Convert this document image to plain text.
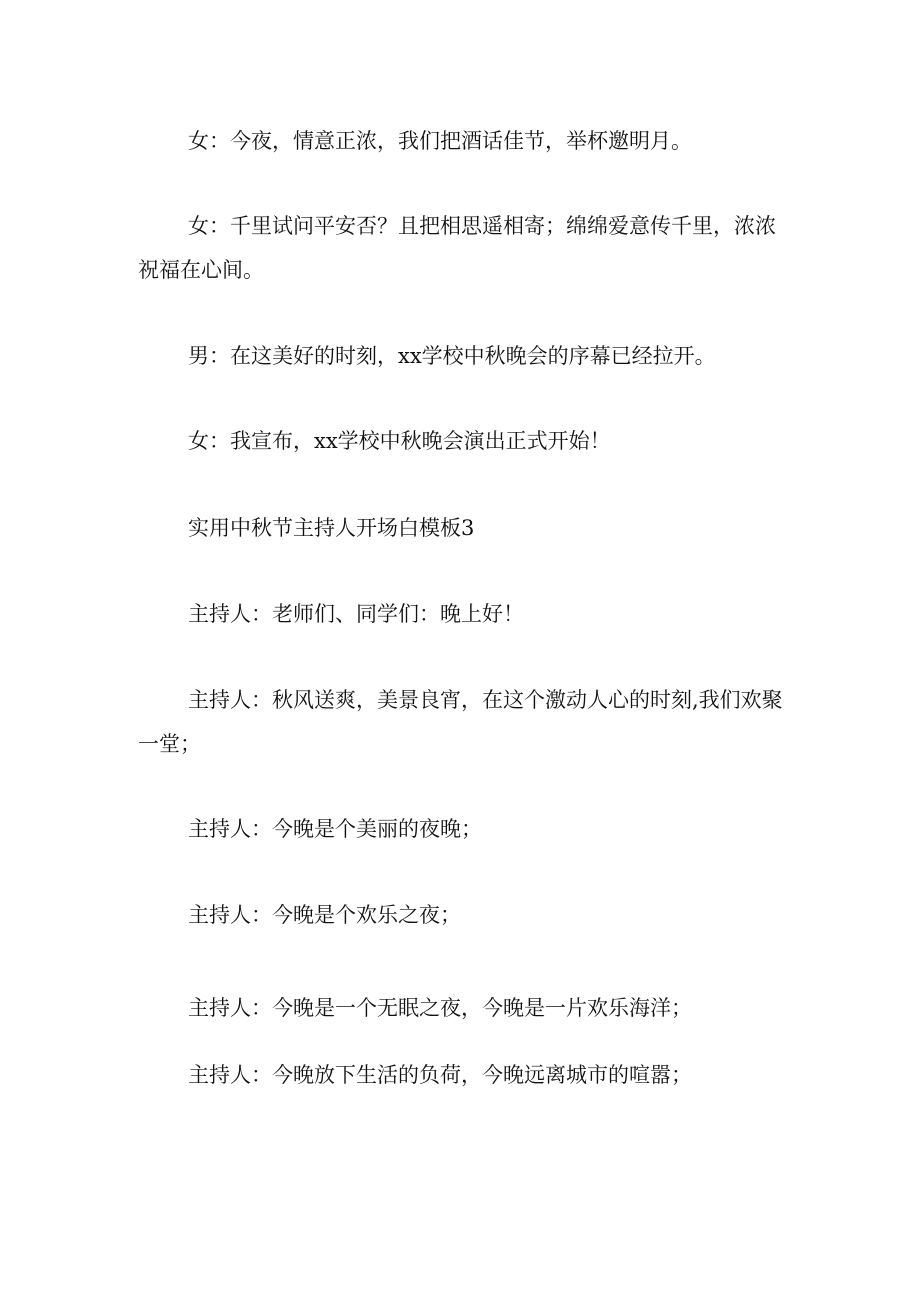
女：今夜，情意正浓，我们把酒话佳节，举杯邀明月。

女：千里试问平安否？且把相思遥相寄；绵绵爱意传千里，浓浓祝福在心间。

男：在这美好的时刻，xx学校中秋晚会的序幕已经拉开。

女：我宣布，xx学校中秋晚会演出正式开始！

实用中秋节主持人开场白模板3

主持人：老师们、同学们：晚上好！

主持人：秋风送爽，美景良宵，在这个激动人心的时刻,我们欢聚一堂；

主持人：今晚是个美丽的夜晚；

主持人：今晚是个欢乐之夜；

主持人：今晚是一个无眠之夜，今晚是一片欢乐海洋；

主持人：今晚放下生活的负荷，今晚远离城市的喧嚣；
